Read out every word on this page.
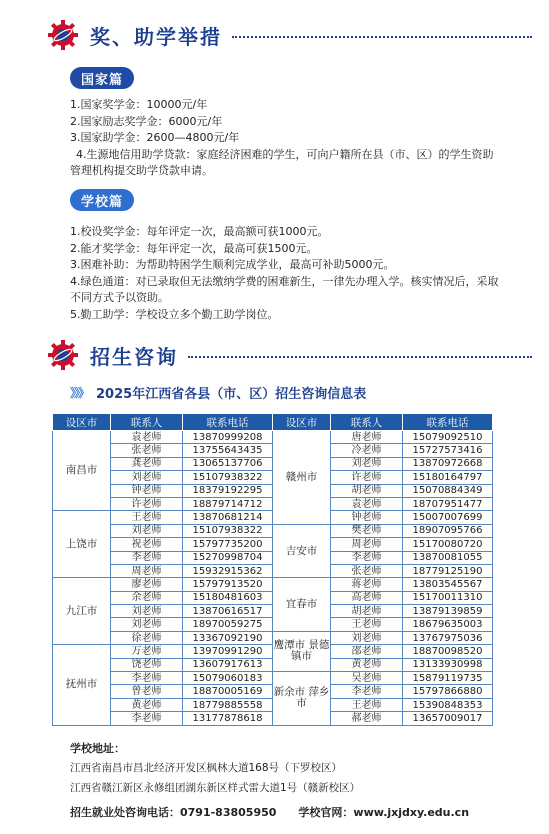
奖、助学举措
国家篇

1.国家奖学金：10000元/年

2.国家励志奖学金：6000元/年

3.国家助学金：2600—4800元/年

4.生源地信用助学贷款：家庭经济困难的学生，可向户籍所在县（市、区）的学生资助管理机构提交助学贷款申请。

学校篇

1.校设奖学金：每年评定一次，最高额可获1000元。

2.能才奖学金：每年评定一次，最高可获1500元。

3.困难补助：为帮助特困学生顺利完成学业，最高可补助5000元。

4.绿色通道：对已录取但无法缴纳学费的困难新生，一律先办理入学。核实情况后，采取不同方式予以资助。

5.勤工助学：学校设立多个勤工助学岗位。

招生咨询
》》》 2025年江西省各县（市、区）招生咨询信息表
设区市	联系人	联系电话	设区市	联系人	联系电话
南昌市	袁老师	13870999208	赣州市	唐老师	15079092510
	张老师	13755643435		冷老师	15727573416
	龚老师	13065137706		刘老师	13870972668
	刘老师	15107938322		许老师	15180164797
	钟老师	18379192295		胡老师	15070884349
	许老师	18879714712		袁老师	18707951477
上饶市	王老师	13870681214		钟老师	15007007699
	刘老师	15107938322	吉安市	樊老师	18907095766
	祝老师	15797735200		周老师	15170080720
	李老师	15270998704		李老师	13870081055
	周老师	15932915362		张老师	18779125190
九江市	廖老师	15797913520	宜春市	蒋老师	13803545567
	余老师	15180481603		高老师	15170011310
	刘老师	13870616517		胡老师	13879139859
	刘老师	18970059275		王老师	18679635003
	徐老师	13367092190	鹰潭市 景德镇市	刘老师	13767975036
抚州市	万老师	13970991290		邵老师	18870098520
	饶老师	13607917613		黄老师	13133930998
	李老师	15079060183	新余市 萍乡市	吴老师	15879119735
	曾老师	18870005169		李老师	15797866880
	黄老师	18779885558		王老师	15390848353
	李老师	13177878618		郝老师	13657009017
学校地址：
江西省南昌市昌北经济开发区枫林大道168号（下罗校区）
江西省赣江新区永修组团湖东新区样式雷大道1号（赣新校区）
招生就业处咨询电话：0791-83805950 学校官网：www.jxjdxy.edu.cn
